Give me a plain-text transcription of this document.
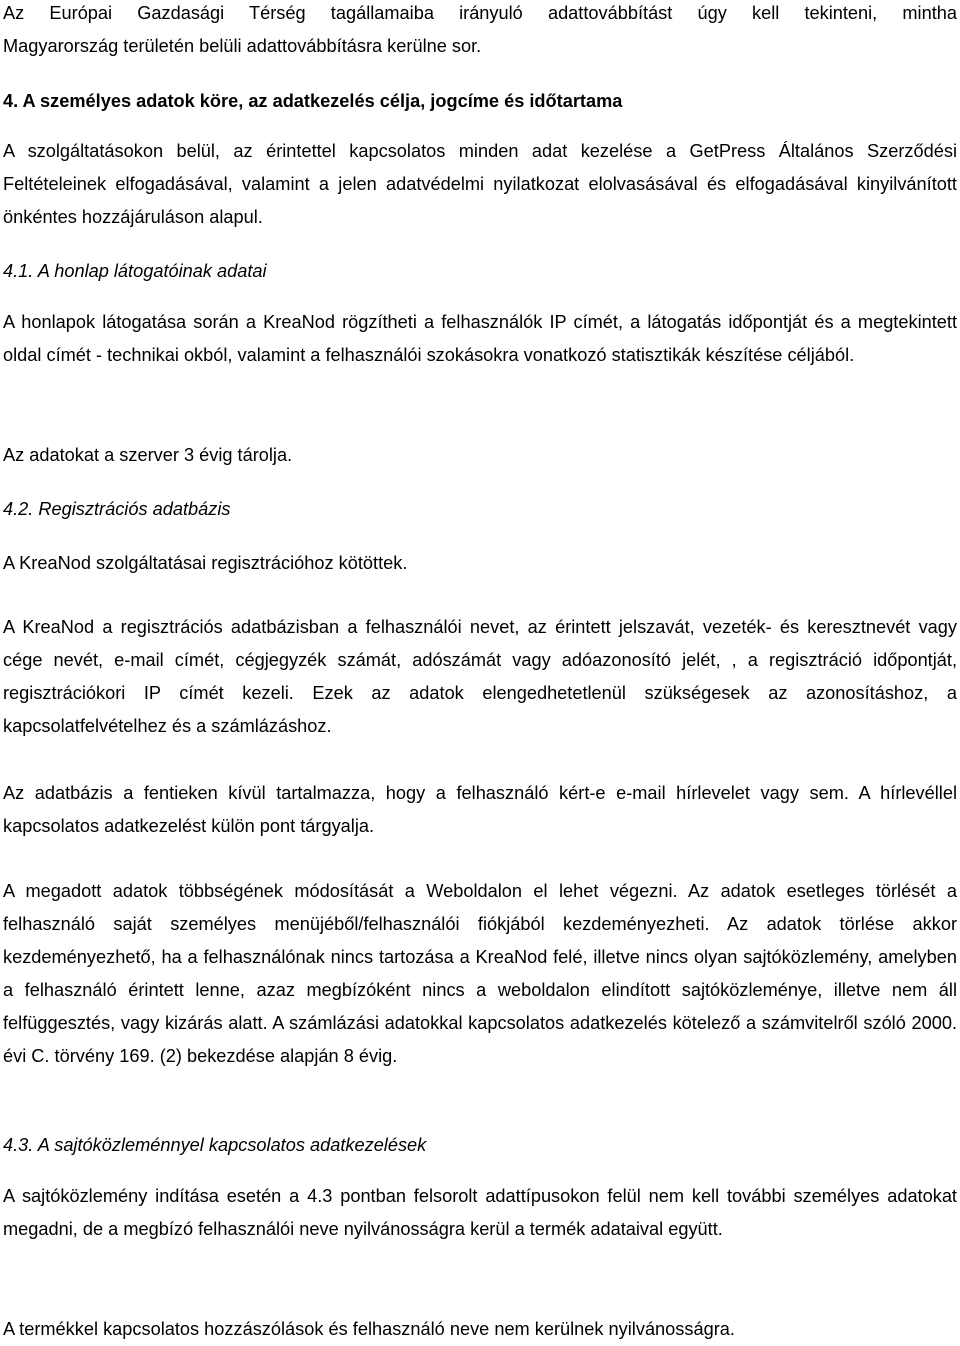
Az Európai Gazdasági Térség tagállamaiba irányuló adattovábbítást úgy kell tekinteni, mintha
Magyarország területén belüli adattovábbításra kerülne sor.
4. A személyes adatok köre, az adatkezelés célja, jogcíme és időtartama
A szolgáltatásokon belül, az érintettel kapcsolatos minden adat kezelése a GetPress Általános Szerződési Feltételeinek elfogadásával, valamint a jelen adatvédelmi nyilatkozat elolvasásával és elfogadásával kinyilvánított önkéntes hozzájáruláson alapul.
4.1. A honlap látogatóinak adatai
A honlapok látogatása során a KreaNod rögzítheti a felhasználók IP címét, a látogatás időpontját és a megtekintett oldal címét - technikai okból, valamint a felhasználói szokásokra vonatkozó statisztikák készítése céljából.
Az adatokat a szerver 3 évig tárolja.
4.2. Regisztrációs adatbázis
A KreaNod szolgáltatásai regisztrációhoz kötöttek.
A KreaNod a regisztrációs adatbázisban a felhasználói nevet, az érintett jelszavát, vezeték- és keresztnevét vagy cége nevét, e-mail címét, cégjegyzék számát, adószámát vagy adóazonosító jelét, , a regisztráció időpontját, regisztrációkori IP címét kezeli. Ezek az adatok elengedhetetlenül szükségesek az azonosításhoz, a kapcsolatfelvételhez és a számlázáshoz.
Az adatbázis a fentieken kívül tartalmazza, hogy a felhasználó kért-e e-mail hírlevelet vagy sem. A hírlevéllel kapcsolatos adatkezelést külön pont tárgyalja.
A megadott adatok többségének módosítását a Weboldalon el lehet végezni. Az adatok esetleges törlését a felhasználó saját személyes menüjéből/felhasználói fiókjából kezdeményezheti. Az adatok törlése akkor kezdeményezhető, ha a felhasználónak nincs tartozása a KreaNod felé, illetve nincs olyan sajtóközlemény, amelyben a felhasználó érintett lenne, azaz megbízóként nincs a weboldalon elindított sajtóközleménye, illetve nem áll felfüggesztés, vagy kizárás alatt. A számlázási adatokkal kapcsolatos adatkezelés kötelező a számvitelről szóló 2000. évi C. törvény 169. (2) bekezdése alapján 8 évig.
4.3. A sajtóközleménnyel kapcsolatos adatkezelések
A sajtóközlemény indítása esetén a 4.3 pontban felsorolt adattípusokon felül nem kell további személyes adatokat megadni, de a megbízó felhasználói neve nyilvánosságra kerül a termék adataival együtt.
A termékkel kapcsolatos hozzászólások és felhasználó neve nem kerülnek nyilvánosságra.
